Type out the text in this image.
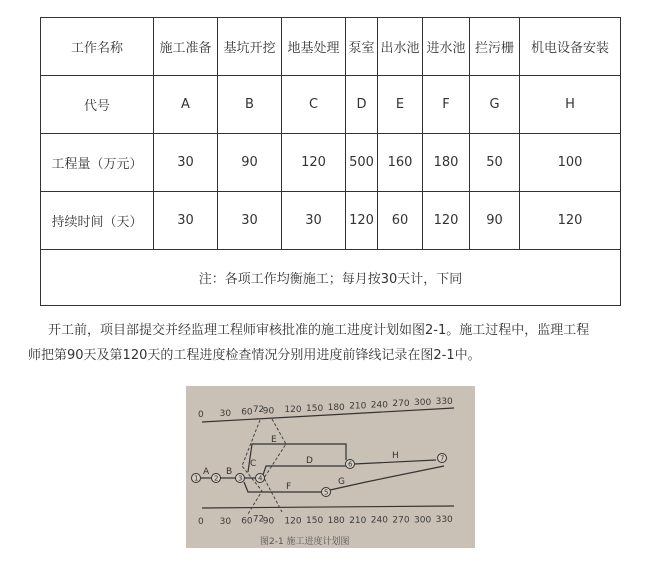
工作名称	施工准备	基坑开挖	地基处理	泵室	出水池	进水池	拦污栅	机电设备安装
代号	A	B	C	D	E	F	G	H
工程量（万元）	30	90	120	500	160	180	50	100
持续时间（天）	30	30	30	120	60	120	90	120
注：各项工作均衡施工；每月按30天计，下同								

开工前，项目部提交并经监理工程师审核批准的施工进度计划如图2-1。施工过程中，监理工程
师把第90天及第120天的工程进度检查情况分别用进度前锋线记录在图2-1中。

0 30 60 72
90 120 150 180 210 240 270 300 330
0 30 60 72
90 120 150 180 210 240 270 300 330
1 2	3 4
5
6
7
A B
C	D
E
F	G
H
图2-1 施工进度计划图
